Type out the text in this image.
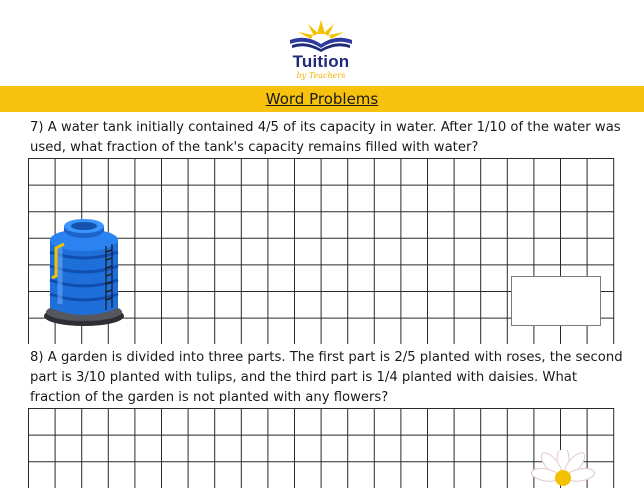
Tuition
by Teachers
Word Problems
7) A water tank initially contained 4/5 of its capacity in water. After 1/10 of the water was used, what fraction of the tank's capacity remains filled with water?
8) A garden is divided into three parts. The first part is 2/5 planted with roses, the second part is 3/10 planted with tulips, and the third part is 1/4 planted with daisies. What fraction of the garden is not planted with any flowers?
